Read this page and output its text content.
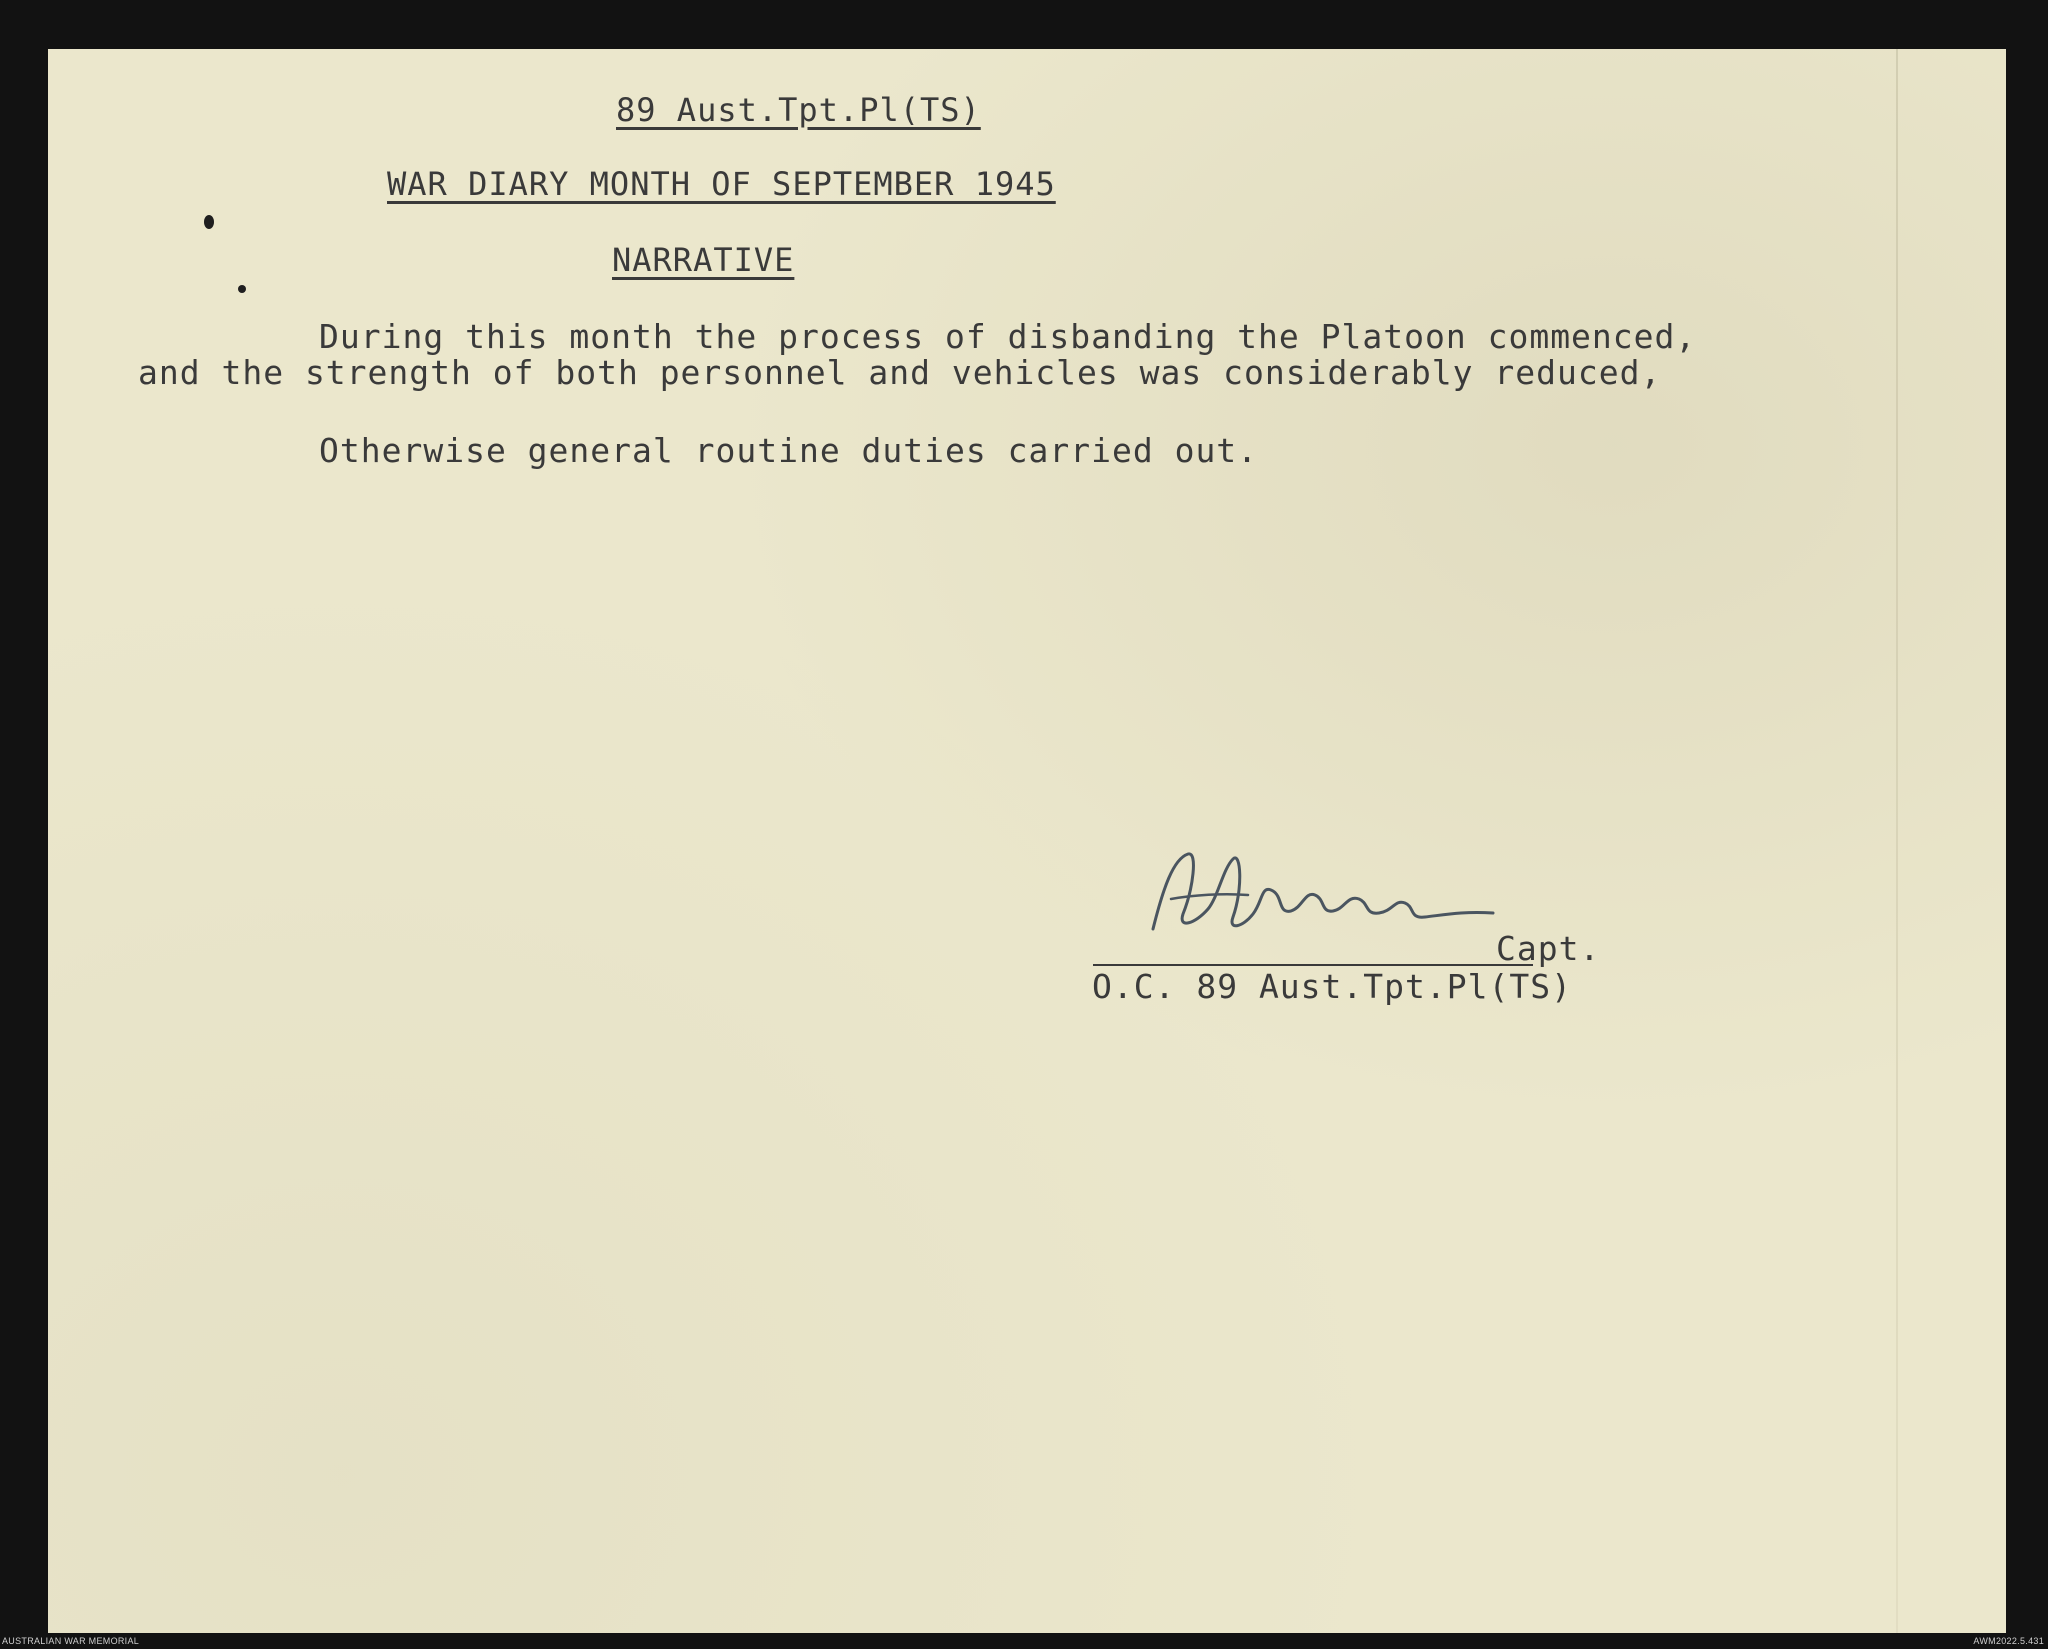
89 Aust.Tpt.Pl(TS)
WAR DIARY MONTH OF SEPTEMBER 1945
NARRATIVE
During this month the process of disbanding the Platoon commenced,
and the strength of both personnel and vehicles was considerably reduced,
Otherwise general routine duties carried out.
Capt.
O.C. 89 Aust.Tpt.Pl(TS)
AUSTRALIAN WAR MEMORIAL	AWM2022.5.431
